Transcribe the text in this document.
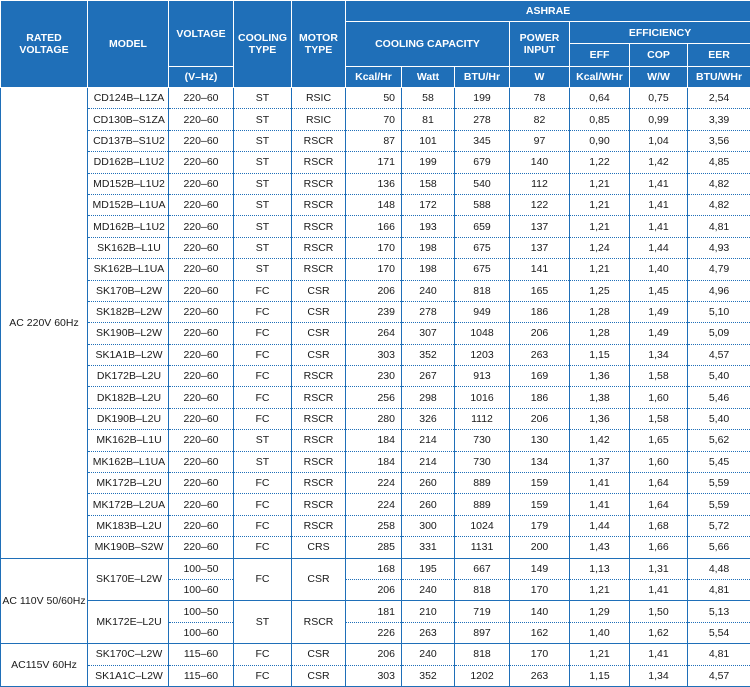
RATED VOLTAGE	MODEL	VOLTAGE	COOLING TYPE	MOTOR TYPE	ASHRAE						
					COOLING CAPACITY			POWER INPUT	EFFICIENCY		
									EFF	COP	EER
		(V–Hz)			Kcal/Hr	Watt	BTU/Hr	W	Kcal/WHr	W/W	BTU/WHr
AC 220V 60Hz	CD124B–L1ZA	220–60	ST	RSIC	50	58	199	78	0,64	0,75	2,54
	CD130B–S1ZA	220–60	ST	RSIC	70	81	278	82	0,85	0,99	3,39
	CD137B–S1U2	220–60	ST	RSCR	87	101	345	97	0,90	1,04	3,56
	DD162B–L1U2	220–60	ST	RSCR	171	199	679	140	1,22	1,42	4,85
	MD152B–L1U2	220–60	ST	RSCR	136	158	540	112	1,21	1,41	4,82
	MD152B–L1UA	220–60	ST	RSCR	148	172	588	122	1,21	1,41	4,82
	MD162B–L1U2	220–60	ST	RSCR	166	193	659	137	1,21	1,41	4,81
	SK162B–L1U	220–60	ST	RSCR	170	198	675	137	1,24	1,44	4,93
	SK162B–L1UA	220–60	ST	RSCR	170	198	675	141	1,21	1,40	4,79
	SK170B–L2W	220–60	FC	CSR	206	240	818	165	1,25	1,45	4,96
	SK182B–L2W	220–60	FC	CSR	239	278	949	186	1,28	1,49	5,10
	SK190B–L2W	220–60	FC	CSR	264	307	1048	206	1,28	1,49	5,09
	SK1A1B–L2W	220–60	FC	CSR	303	352	1203	263	1,15	1,34	4,57
	DK172B–L2U	220–60	FC	RSCR	230	267	913	169	1,36	1,58	5,40
	DK182B–L2U	220–60	FC	RSCR	256	298	1016	186	1,38	1,60	5,46
	DK190B–L2U	220–60	FC	RSCR	280	326	1112	206	1,36	1,58	5,40
	MK162B–L1U	220–60	ST	RSCR	184	214	730	130	1,42	1,65	5,62
	MK162B–L1UA	220–60	ST	RSCR	184	214	730	134	1,37	1,60	5,45
	MK172B–L2U	220–60	FC	RSCR	224	260	889	159	1,41	1,64	5,59
	MK172B–L2UA	220–60	FC	RSCR	224	260	889	159	1,41	1,64	5,59
	MK183B–L2U	220–60	FC	RSCR	258	300	1024	179	1,44	1,68	5,72
	MK190B–S2W	220–60	FC	CRS	285	331	1131	200	1,43	1,66	5,66
AC 110V 50/60Hz	SK170E–L2W	100–50	FC	CSR	168	195	667	149	1,13	1,31	4,48
		100–60			206	240	818	170	1,21	1,41	4,81
	MK172E–L2U	100–50	ST	RSCR	181	210	719	140	1,29	1,50	5,13
		100–60			226	263	897	162	1,40	1,62	5,54
AC115V 60Hz	SK170C–L2W	115–60	FC	CSR	206	240	818	170	1,21	1,41	4,81
	SK1A1C–L2W	115–60	FC	CSR	303	352	1202	263	1,15	1,34	4,57
